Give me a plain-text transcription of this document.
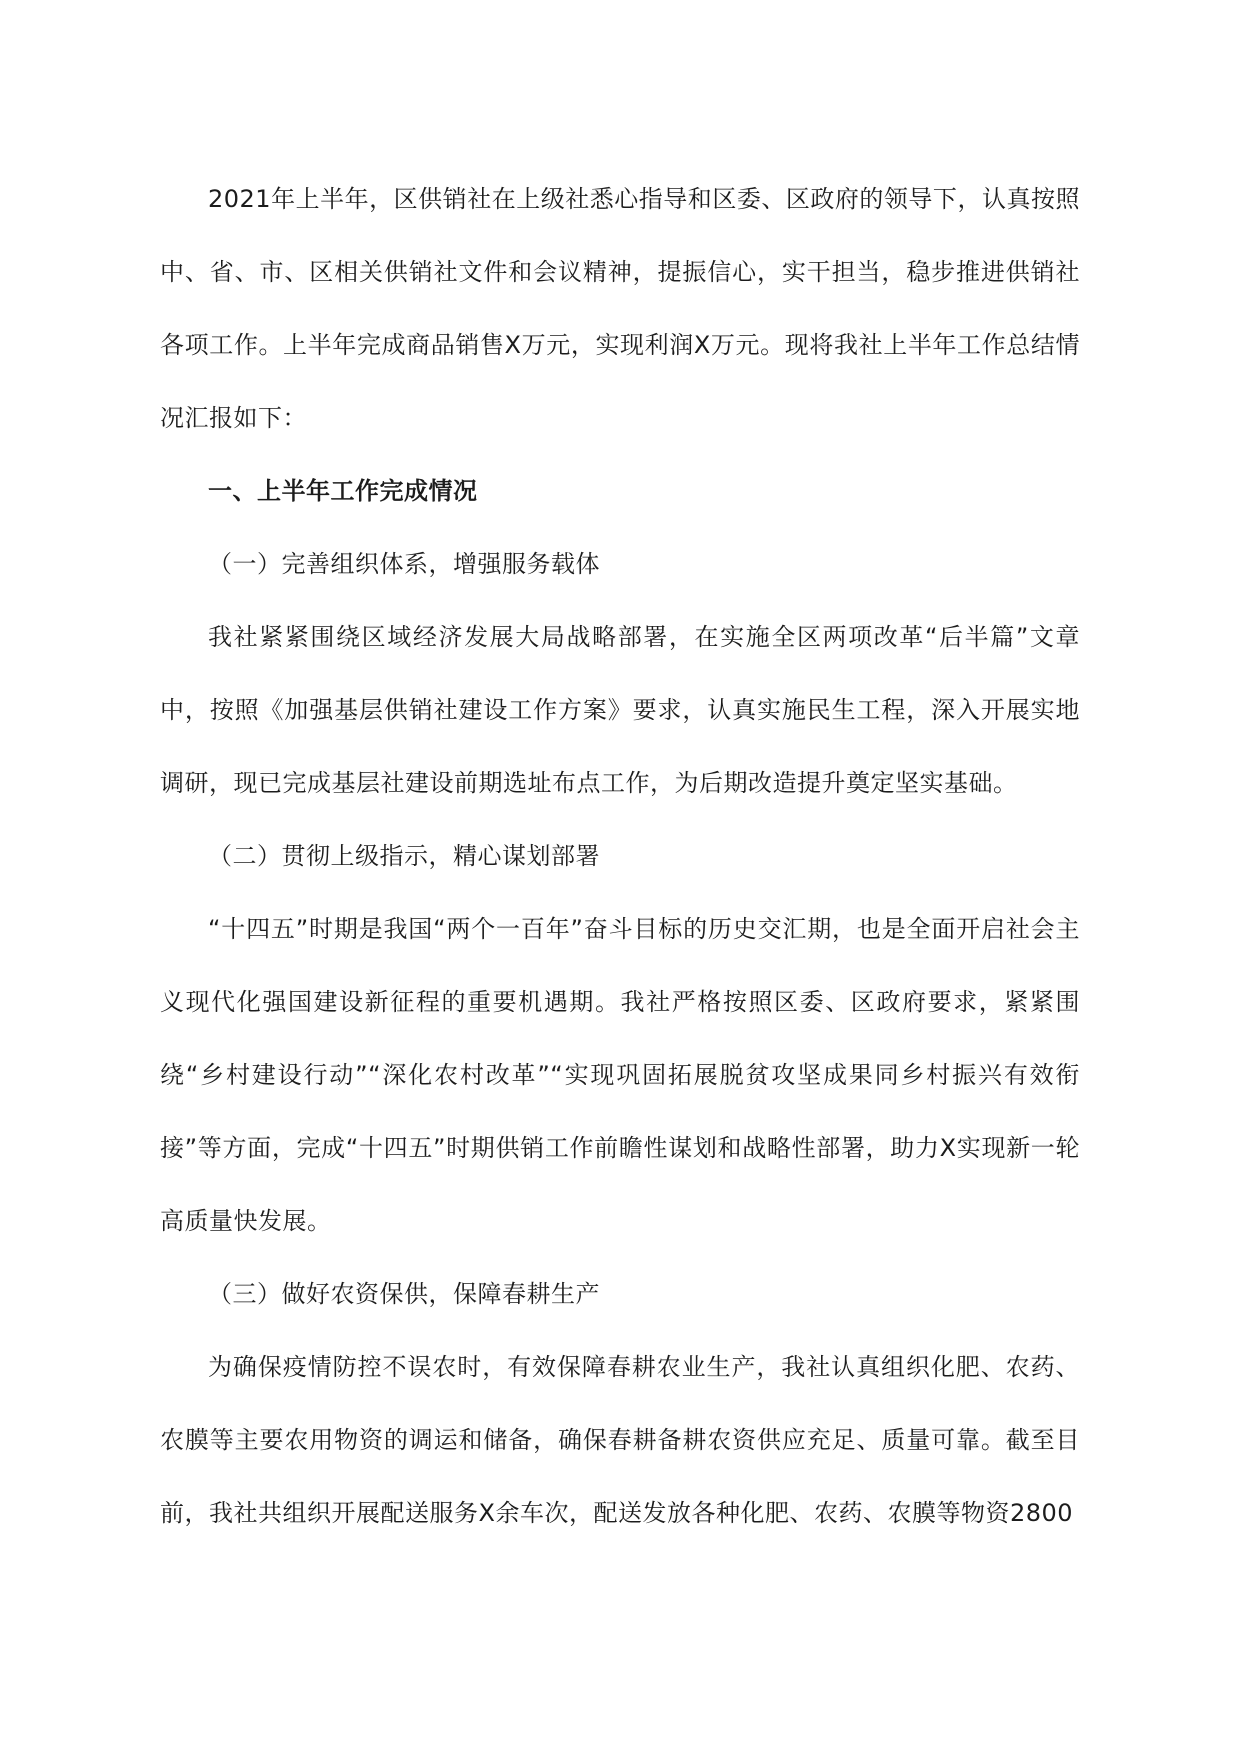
2021年上半年，区供销社在上级社悉心指导和区委、区政府的领导下，认真按照中、省、市、区相关供销社文件和会议精神，提振信心，实干担当，稳步推进供销社各项工作。上半年完成商品销售X万元，实现利润X万元。现将我社上半年工作总结情况汇报如下：

一、上半年工作完成情况

（一）完善组织体系，增强服务载体

我社紧紧围绕区域经济发展大局战略部署，在实施全区两项改革“后半篇”文章中，按照《加强基层供销社建设工作方案》要求，认真实施民生工程，深入开展实地调研，现已完成基层社建设前期选址布点工作，为后期改造提升奠定坚实基础。

（二）贯彻上级指示，精心谋划部署

“十四五”时期是我国“两个一百年”奋斗目标的历史交汇期，也是全面开启社会主义现代化强国建设新征程的重要机遇期。我社严格按照区委、区政府要求，紧紧围绕“乡村建设行动”“深化农村改革”“实现巩固拓展脱贫攻坚成果同乡村振兴有效衔接”等方面，完成“十四五”时期供销工作前瞻性谋划和战略性部署，助力X实现新一轮高质量快发展。

（三）做好农资保供，保障春耕生产

为确保疫情防控不误农时，有效保障春耕农业生产，我社认真组织化肥、农药、农膜等主要农用物资的调运和储备，确保春耕备耕农资供应充足、质量可靠。截至目前，我社共组织开展配送服务X余车次，配送发放各种化肥、农药、农膜等物资2800
